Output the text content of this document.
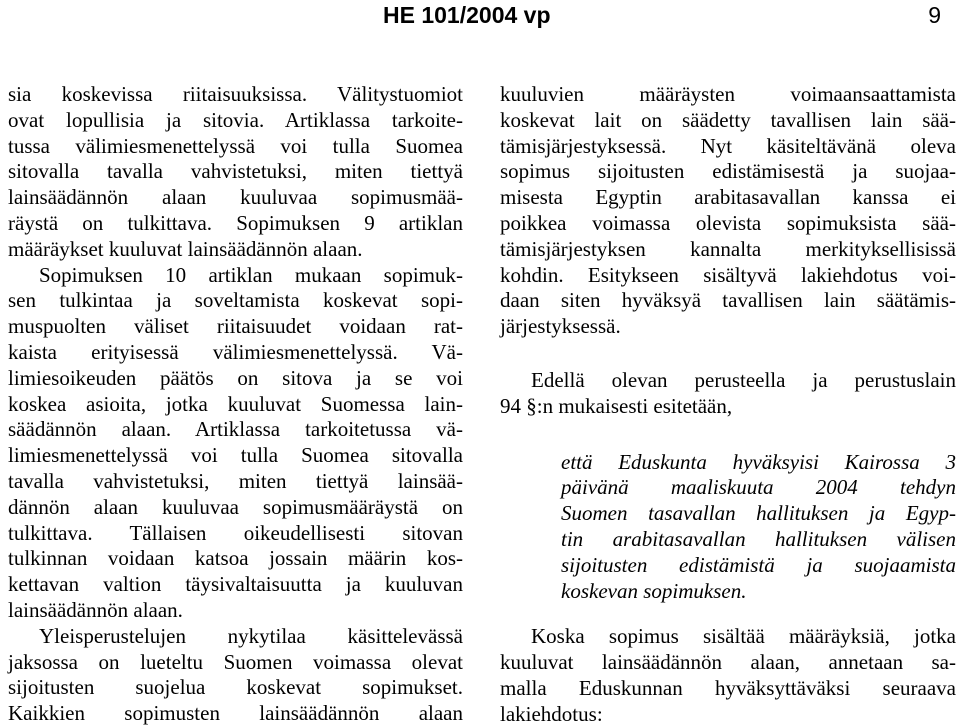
HE 101/2004 vp	9
sia koskevissa riitaisuuksissa. Välitystuomiot
ovat lopullisia ja sitovia. Artiklassa tarkoite-
tussa välimiesmenettelyssä voi tulla Suomea
sitovalla tavalla vahvistetuksi, miten tiettyä
lainsäädännön alaan kuuluvaa sopimusmää-
räystä on tulkittava. Sopimuksen 9 artiklan
määräykset kuuluvat lainsäädännön alaan.
Sopimuksen 10 artiklan mukaan sopimuk-
sen tulkintaa ja soveltamista koskevat sopi-
muspuolten väliset riitaisuudet voidaan rat-
kaista erityisessä välimiesmenettelyssä. Vä-
limiesoikeuden päätös on sitova ja se voi
koskea asioita, jotka kuuluvat Suomessa lain-
säädännön alaan. Artiklassa tarkoitetussa vä-
limiesmenettelyssä voi tulla Suomea sitovalla
tavalla vahvistetuksi, miten tiettyä lainsää-
dännön alaan kuuluvaa sopimusmääräystä on
tulkittava. Tällaisen oikeudellisesti sitovan
tulkinnan voidaan katsoa jossain määrin kos-
kettavan valtion täysivaltaisuutta ja kuuluvan
lainsäädännön alaan.
Yleisperustelujen nykytilaa käsittelevässä
jaksossa on lueteltu Suomen voimassa olevat
sijoitusten suojelua koskevat sopimukset.
Kaikkien sopimusten lainsäädännön alaan
kuuluvien määräysten voimaansaattamista
koskevat lait on säädetty tavallisen lain sää-
tämisjärjestyksessä. Nyt käsiteltävänä oleva
sopimus sijoitusten edistämisestä ja suojaa-
misesta Egyptin arabitasavallan kanssa ei
poikkea voimassa olevista sopimuksista sää-
tämisjärjestyksen kannalta merkityksellisissä
kohdin. Esitykseen sisältyvä lakiehdotus voi-
daan siten hyväksyä tavallisen lain säätämis-
järjestyksessä.
Edellä olevan perusteella ja perustuslain
94 §:n mukaisesti esitetään,
että Eduskunta hyväksyisi Kairossa 3
päivänä maaliskuuta 2004 tehdyn
Suomen tasavallan hallituksen ja Egyp-
tin arabitasavallan hallituksen välisen
sijoitusten edistämistä ja suojaamista
koskevan sopimuksen.
Koska sopimus sisältää määräyksiä, jotka
kuuluvat lainsäädännön alaan, annetaan sa-
malla Eduskunnan hyväksyttäväksi seuraava
lakiehdotus:
